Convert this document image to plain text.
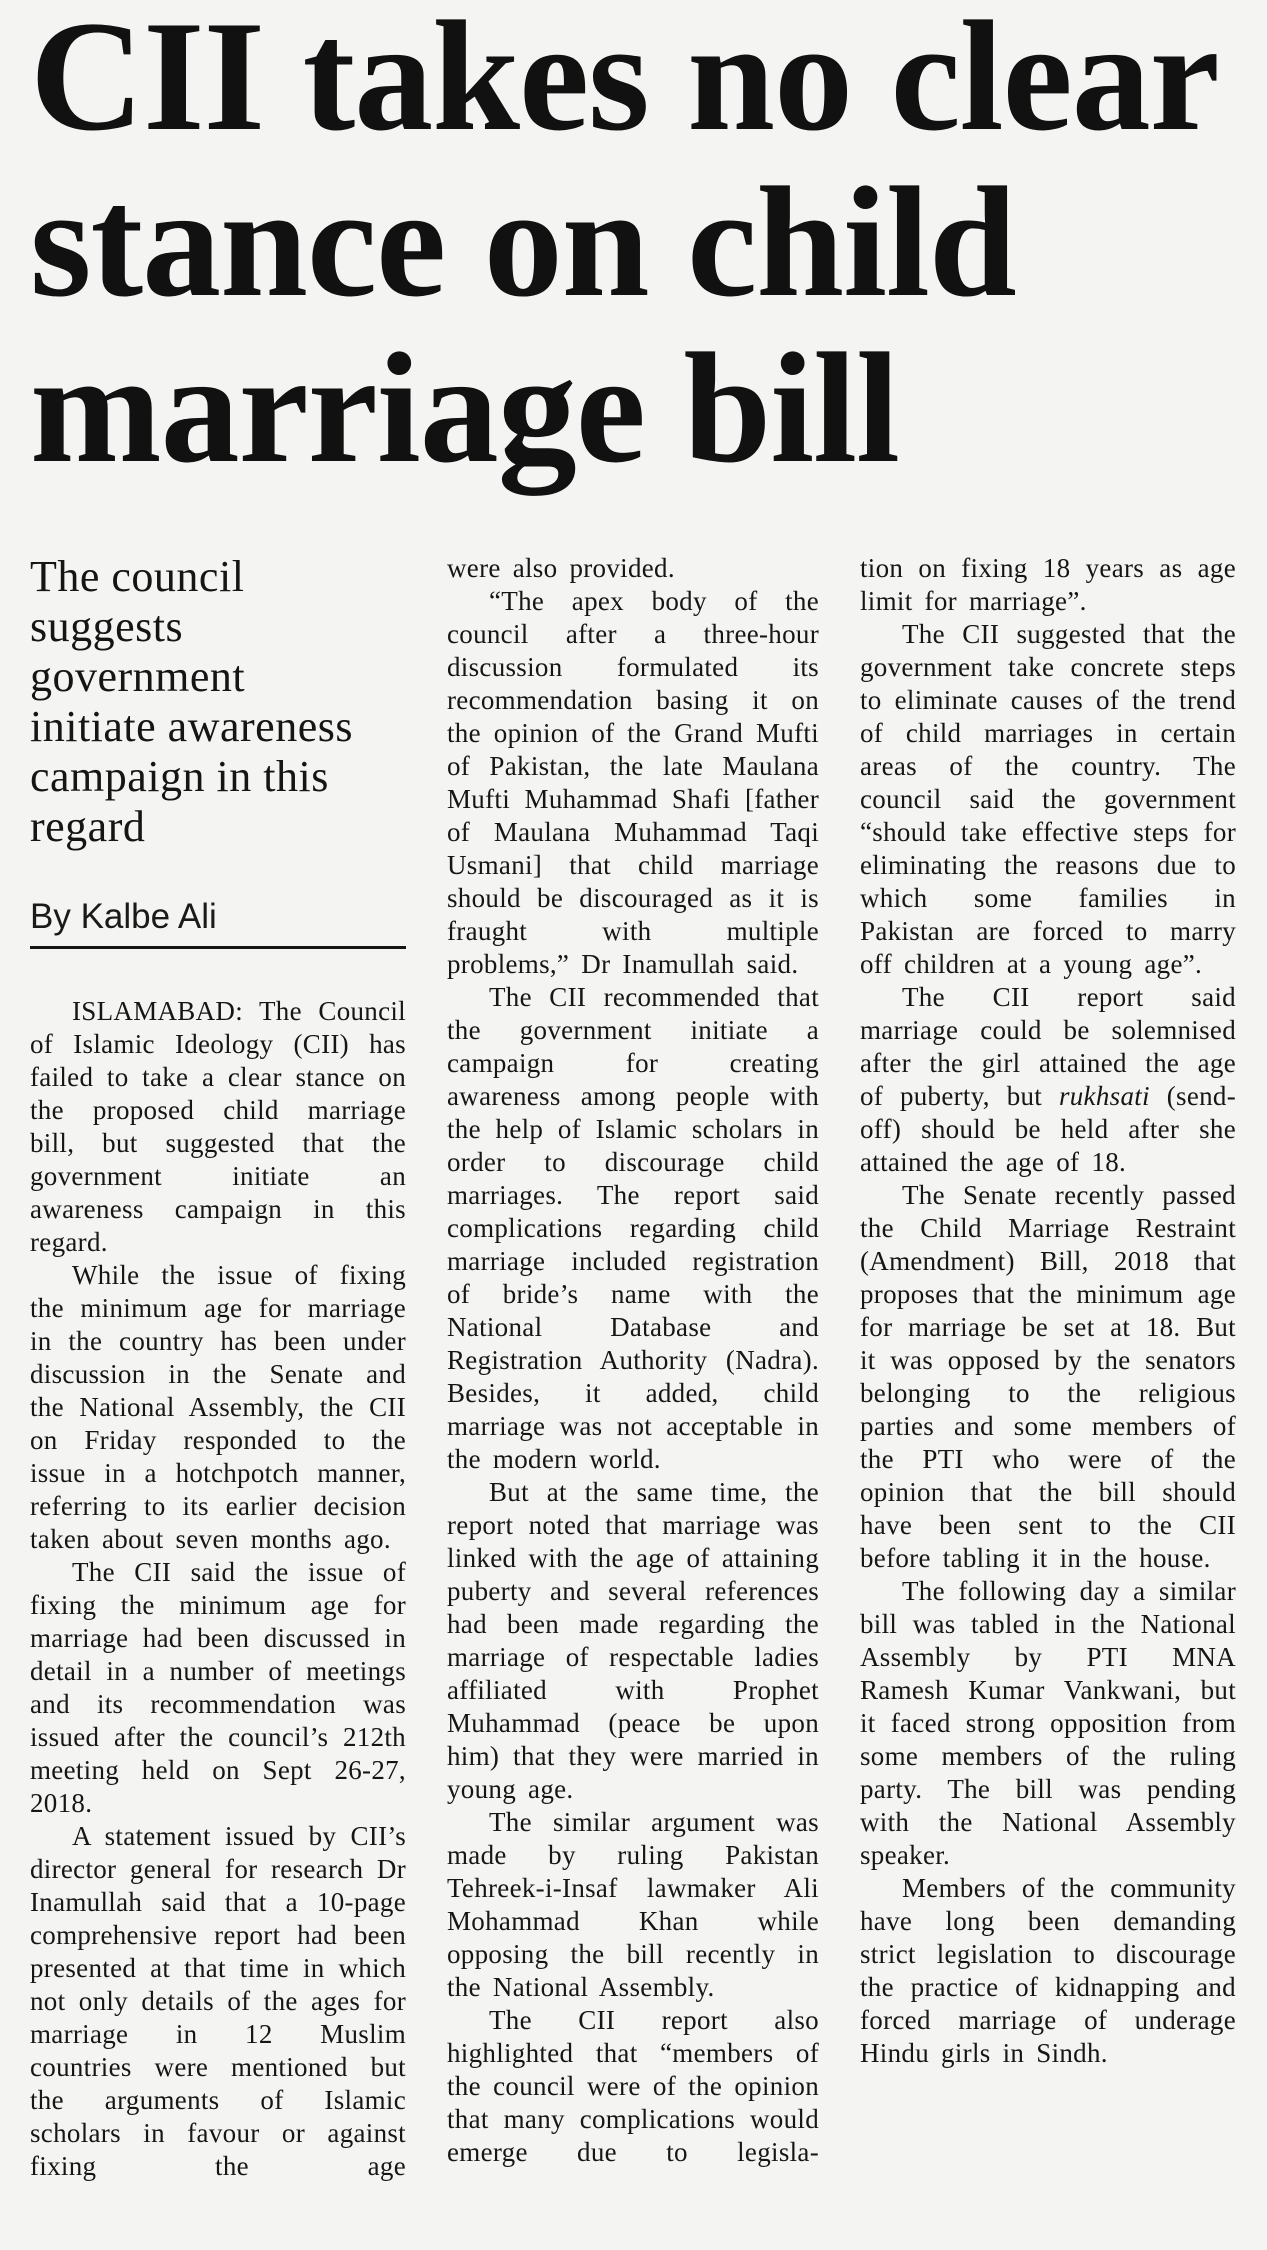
CII takes no clear stance on child marriage bill
The council suggests government initiate awareness campaign in this regard
By Kalbe Ali

ISLAMABAD: The Council of Islamic Ideology (CII) has failed to take a clear stance on the proposed child marriage bill, but suggested that the government initiate an awareness campaign in this regard.

While the issue of fixing the minimum age for marriage in the country has been under discussion in the Senate and the National Assembly, the CII on Friday responded to the issue in a hotchpotch manner, referring to its earlier decision taken about seven months ago.

The CII said the issue of fixing the minimum age for marriage had been discussed in detail in a number of meetings and its recommendation was issued after the council’s 212th meeting held on Sept 26-27, 2018.

A statement issued by CII’s director general for research Dr Inamullah said that a 10-page comprehensive report had been presented at that time in which not only details of the ages for marriage in 12 Muslim countries were mentioned but the arguments of Islamic scholars in favour or against fixing the age

were also provided.

“The apex body of the council after a three-hour discussion formulated its recommendation basing it on the opinion of the Grand Mufti of Pakistan, the late Maulana Mufti Muhammad Shafi [father of Maulana Muhammad Taqi Usmani] that child marriage should be discouraged as it is fraught with multiple problems,” Dr Inamullah said.

The CII recommended that the government initiate a campaign for creating awareness among people with the help of Islamic scholars in order to discourage child marriages. The report said complications regarding child marriage included registration of bride’s name with the National Database and Registration Authority (Nadra). Besides, it added, child marriage was not acceptable in the modern world.

But at the same time, the report noted that marriage was linked with the age of attaining puberty and several references had been made regarding the marriage of respectable ladies affiliated with Prophet Muhammad (peace be upon him) that they were married in young age.

The similar argument was made by ruling Pakistan Tehreek-i-Insaf lawmaker Ali Mohammad Khan while opposing the bill recently in the National Assembly.

The CII report also highlighted that “members of the council were of the opinion that many complications would emerge due to legisla-

tion on fixing 18 years as age limit for marriage”.

The CII suggested that the government take concrete steps to eliminate causes of the trend of child marriages in certain areas of the country. The council said the government “should take effective steps for eliminating the reasons due to which some families in Pakistan are forced to marry off children at a young age”.

The CII report said marriage could be solemnised after the girl attained the age of puberty, but rukhsati (send-off) should be held after she attained the age of 18.

The Senate recently passed the Child Marriage Restraint (Amendment) Bill, 2018 that proposes that the minimum age for marriage be set at 18. But it was opposed by the senators belonging to the religious parties and some members of the PTI who were of the opinion that the bill should have been sent to the CII before tabling it in the house.

The following day a similar bill was tabled in the National Assembly by PTI MNA Ramesh Kumar Vankwani, but it faced strong opposition from some members of the ruling party. The bill was pending with the National Assembly speaker.

Members of the community have long been demanding strict legislation to discourage the practice of kidnapping and forced marriage of underage Hindu girls in Sindh.
